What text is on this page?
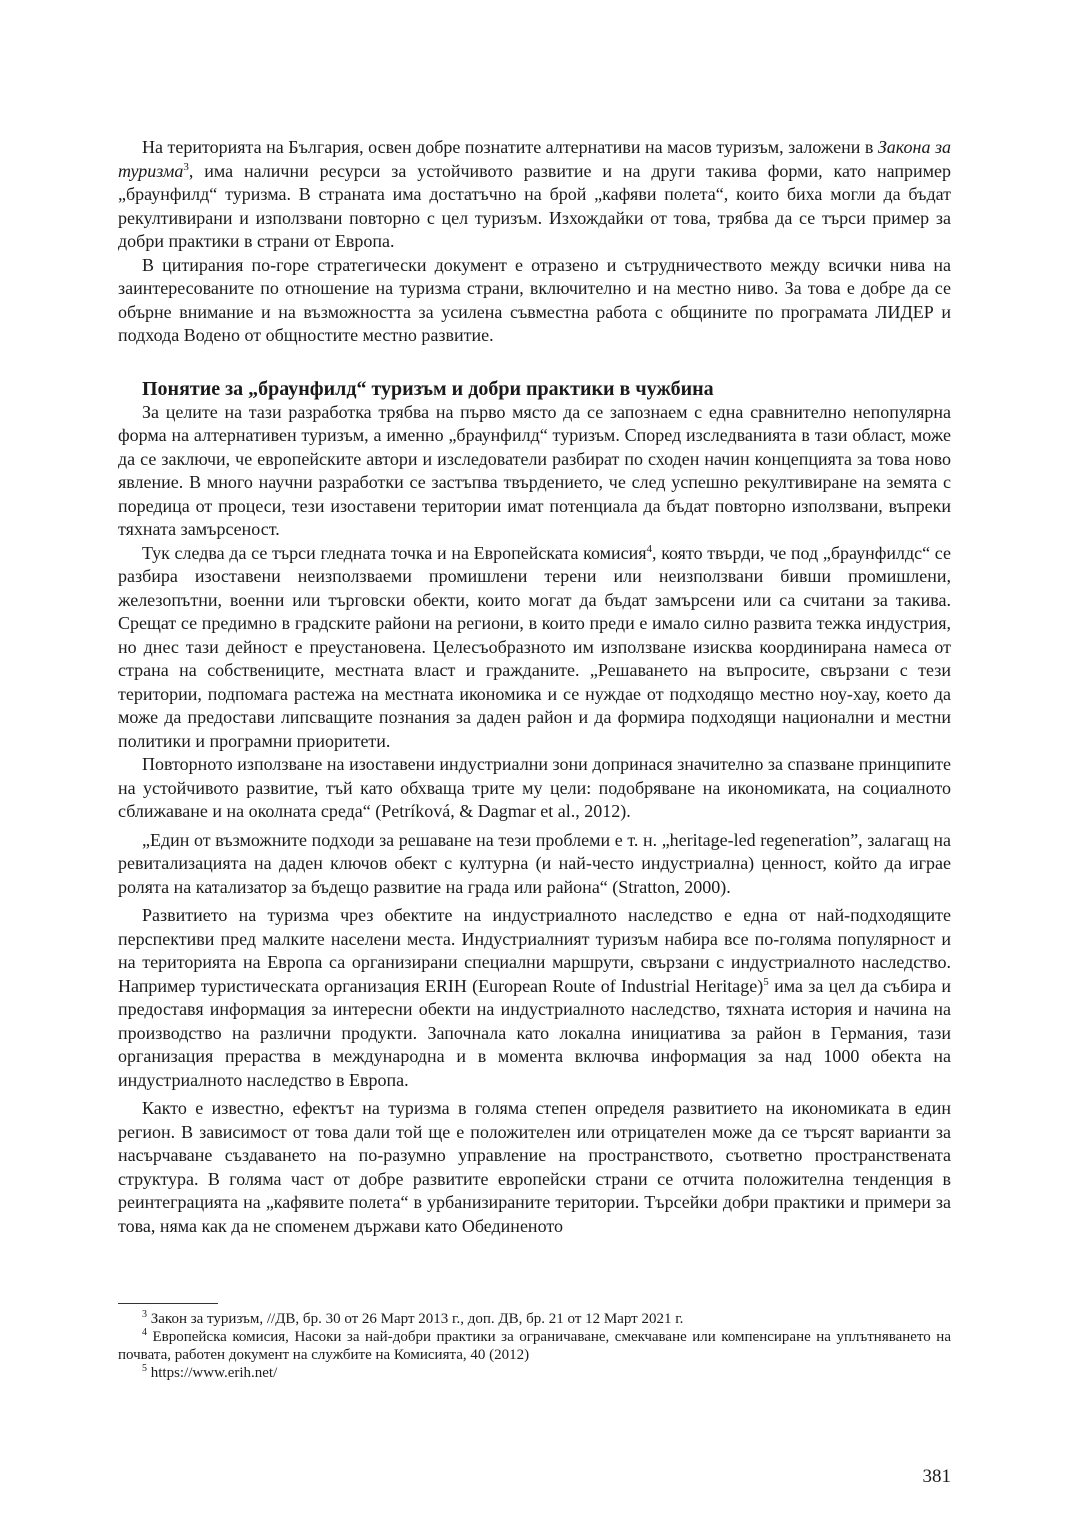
На територията на България, освен добре познатите алтернативи на масов туризъм, заложени в Закона за туризма$^3$, има налични ресурси за устойчивото развитие и на други такива форми, като например „браунфилд“ туризма. В страната има достатъчно на брой „кафяви полета“, които биха могли да бъдат рекултивирани и използвани повторно с цел туризъм. Изхождайки от това, трябва да се търси пример за добри практики в страни от Европа.

В цитирания по-горе стратегически документ е отразено и сътрудничеството между всички нива на заинтересованите по отношение на туризма страни, включително и на местно ниво. За това е добре да се обърне внимание и на възможността за усилена съвместна работа с общините по програмата ЛИДЕР и подхода Водено от общностите местно развитие.

Понятие за „браунфилд“ туризъм и добри практики в чужбина

За целите на тази разработка трябва на първо място да се запознаем с една сравнително непопулярна форма на алтернативен туризъм, а именно „браунфилд“ туризъм. Според изследванията в тази област, може да се заключи, че европейските автори и изследователи разбират по сходен начин концепцията за това ново явление. В много научни разработки се застъпва твърдението, че след успешно рекултивиране на земята с поредица от процеси, тези изоставени територии имат потенциала да бъдат повторно използвани, въпреки тяхната замърсеност.

Тук следва да се търси гледната точка и на Европейската комисия$^4$, която твърди, че под „браунфилдс“ се разбира изоставени неизползваеми промишлени терени или неизползвани бивши промишлени, железопътни, военни или търговски обекти, които могат да бъдат замърсени или са считани за такива. Срещат се предимно в градските райони на региони, в които преди е имало силно развита тежка индустрия, но днес тази дейност е преустановена. Целесъобразното им използване изисква координирана намеса от страна на собствениците, местната власт и гражданите. „Решаването на въпросите, свързани с тези територии, подпомага растежа на местната икономика и се нуждае от подходящо местно ноу-хау, което да може да предостави липсващите познания за даден район и да формира подходящи национални и местни политики и програмни приоритети.

Повторното използване на изоставени индустриални зони допринася значително за спазване принципите на устойчивото развитие, тъй като обхваща трите му цели: подобряване на икономиката, на социалното сближаване и на околната среда“ (Petríková, & Dagmar et al., 2012).

„Един от възможните подходи за решаване на тези проблеми е т. н. „heritage-led regeneration”, залагащ на ревитализацията на даден ключов обект с културна (и най-често индустриална) ценност, който да играе ролята на катализатор за бъдещо развитие на града или района“ (Stratton, 2000).

Развитието на туризма чрез обектите на индустриалното наследство е една от най-подходящите перспективи пред малките населени места. Индустриалният туризъм набира все по-голяма популярност и на територията на Европа са организирани специални маршрути, свързани с индустриалното наследство. Например туристическата организация ERIH (European Route of Industrial Heritage)$^5$ има за цел да събира и предоставя информация за интересни обекти на индустриалното наследство, тяхната история и начина на производство на различни продукти. Започнала като локална инициатива за район в Германия, тази организация прераства в международна и в момента включва информация за над 1000 обекта на индустриалното наследство в Европа.

Както е известно, ефектът на туризма в голяма степен определя развитието на икономиката в един регион. В зависимост от това дали той ще е положителен или отрицателен може да се търсят варианти за насърчаване създаването на по-разумно управление на пространството, съответно пространствената структура. В голяма част от добре развитите европейски страни се отчита положителна тенденция в реинтеграцията на „кафявите полета“ в урбанизираните територии. Търсейки добри практики и примери за това, няма как да не споменем държави като Обединеното

$^3$ Закон за туризъм, //ДВ, бр. 30 от 26 Март 2013 г., доп. ДВ, бр. 21 от 12 Март 2021 г.

$^4$ Европейска комисия, Насоки за най-добри практики за ограничаване, смекчаване или компенсиране на уплътняването на почвата, работен документ на службите на Комисията, 40 (2012)

$^5$ https://www.erih.net/

381
